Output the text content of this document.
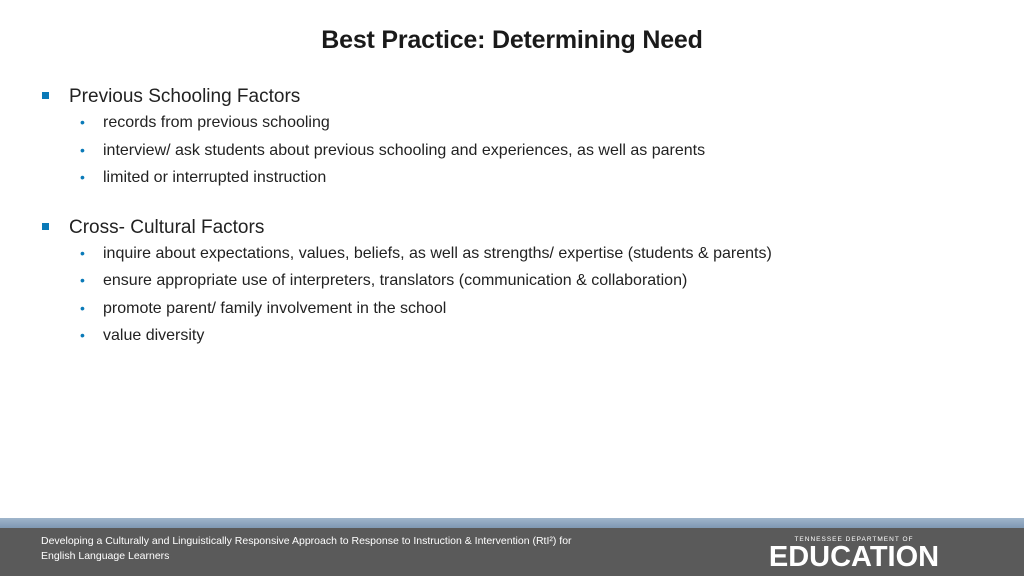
Best Practice: Determining Need
Previous Schooling Factors
•	records from previous schooling
•	interview/ ask students about previous schooling and experiences, as well as parents
•	limited or interrupted instruction
Cross- Cultural Factors
•	inquire about expectations, values, beliefs, as well as strengths/ expertise (students & parents)
•	ensure appropriate use of interpreters, translators (communication & collaboration)
•	promote parent/ family involvement in the school
•	value diversity
Developing a Culturally and Linguistically Responsive Approach to Response to Instruction & Intervention (RtI²) for
English Language Learners
TENNESSEE DEPARTMENT OF
EDUCATION
